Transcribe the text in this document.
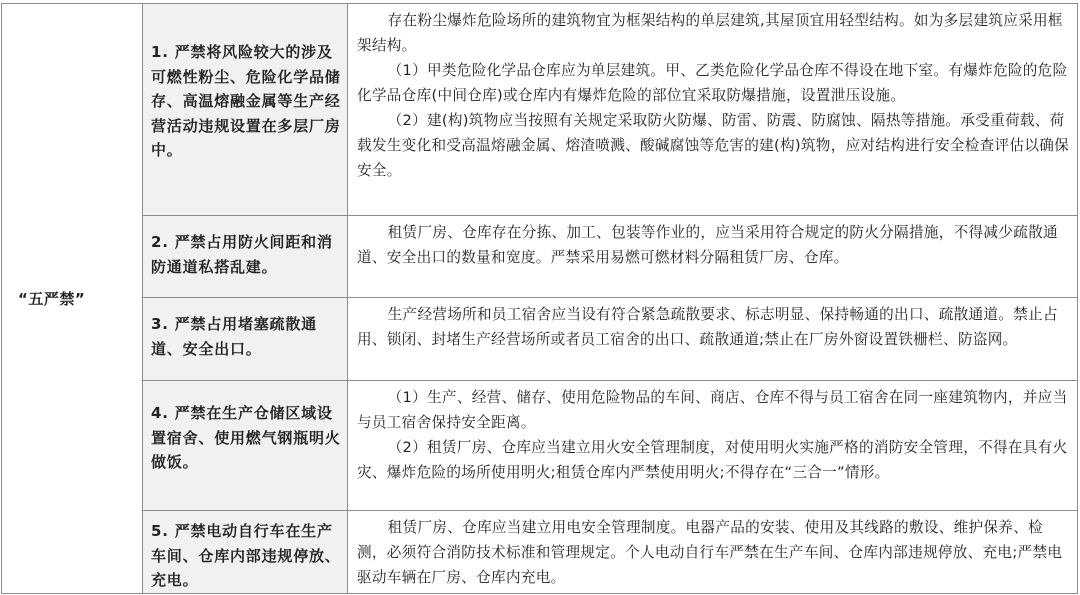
“五严禁”	1. 严禁将风险较大的涉及可燃性粉尘、危险化学品储存、高温熔融金属等生产经营活动违规设置在多层厂房中。	存在粉尘爆炸危险场所的建筑物宜为框架结构的单层建筑,其屋顶宜用轻型结构。如为多层建筑应采用框架结构。

（1）甲类危险化学品仓库应为单层建筑。甲、乙类危险化学品仓库不得设在地下室。有爆炸危险的危险化学品仓库(中间仓库)或仓库内有爆炸危险的部位宜采取防爆措施，设置泄压设施。

（2）建(构)筑物应当按照有关规定采取防火防爆、防雷、防震、防腐蚀、隔热等措施。承受重荷载、荷载发生变化和受高温熔融金属、熔渣喷溅、酸碱腐蚀等危害的建(构)筑物，应对结构进行安全检查评估以确保安全。

	2. 严禁占用防火间距和消防通道私搭乱建。	租赁厂房、仓库存在分拣、加工、包装等作业的，应当采用符合规定的防火分隔措施，不得减少疏散通道、安全出口的数量和宽度。严禁采用易燃可燃材料分隔租赁厂房、仓库。

	3. 严禁占用堵塞疏散通道、安全出口。	生产经营场所和员工宿舍应当设有符合紧急疏散要求、标志明显、保持畅通的出口、疏散通道。禁止占用、锁闭、封堵生产经营场所或者员工宿舍的出口、疏散通道;禁止在厂房外窗设置铁栅栏、防盗网。

	4. 严禁在生产仓储区域设置宿舍、使用燃气钢瓶明火做饭。	（1）生产、经营、储存、使用危险物品的车间、商店、仓库不得与员工宿舍在同一座建筑物内，并应当与员工宿舍保持安全距离。

（2）租赁厂房、仓库应当建立用火安全管理制度，对使用明火实施严格的消防安全管理，不得在具有火灾、爆炸危险的场所使用明火;租赁仓库内严禁使用明火;不得存在“三合一”情形。

	5. 严禁电动自行车在生产车间、仓库内部违规停放、充电。	租赁厂房、仓库应当建立用电安全管理制度。电器产品的安装、使用及其线路的敷设、维护保养、检测，必须符合消防技术标准和管理规定。个人电动自行车严禁在生产车间、仓库内部违规停放、充电;严禁电驱动车辆在厂房、仓库内充电。
